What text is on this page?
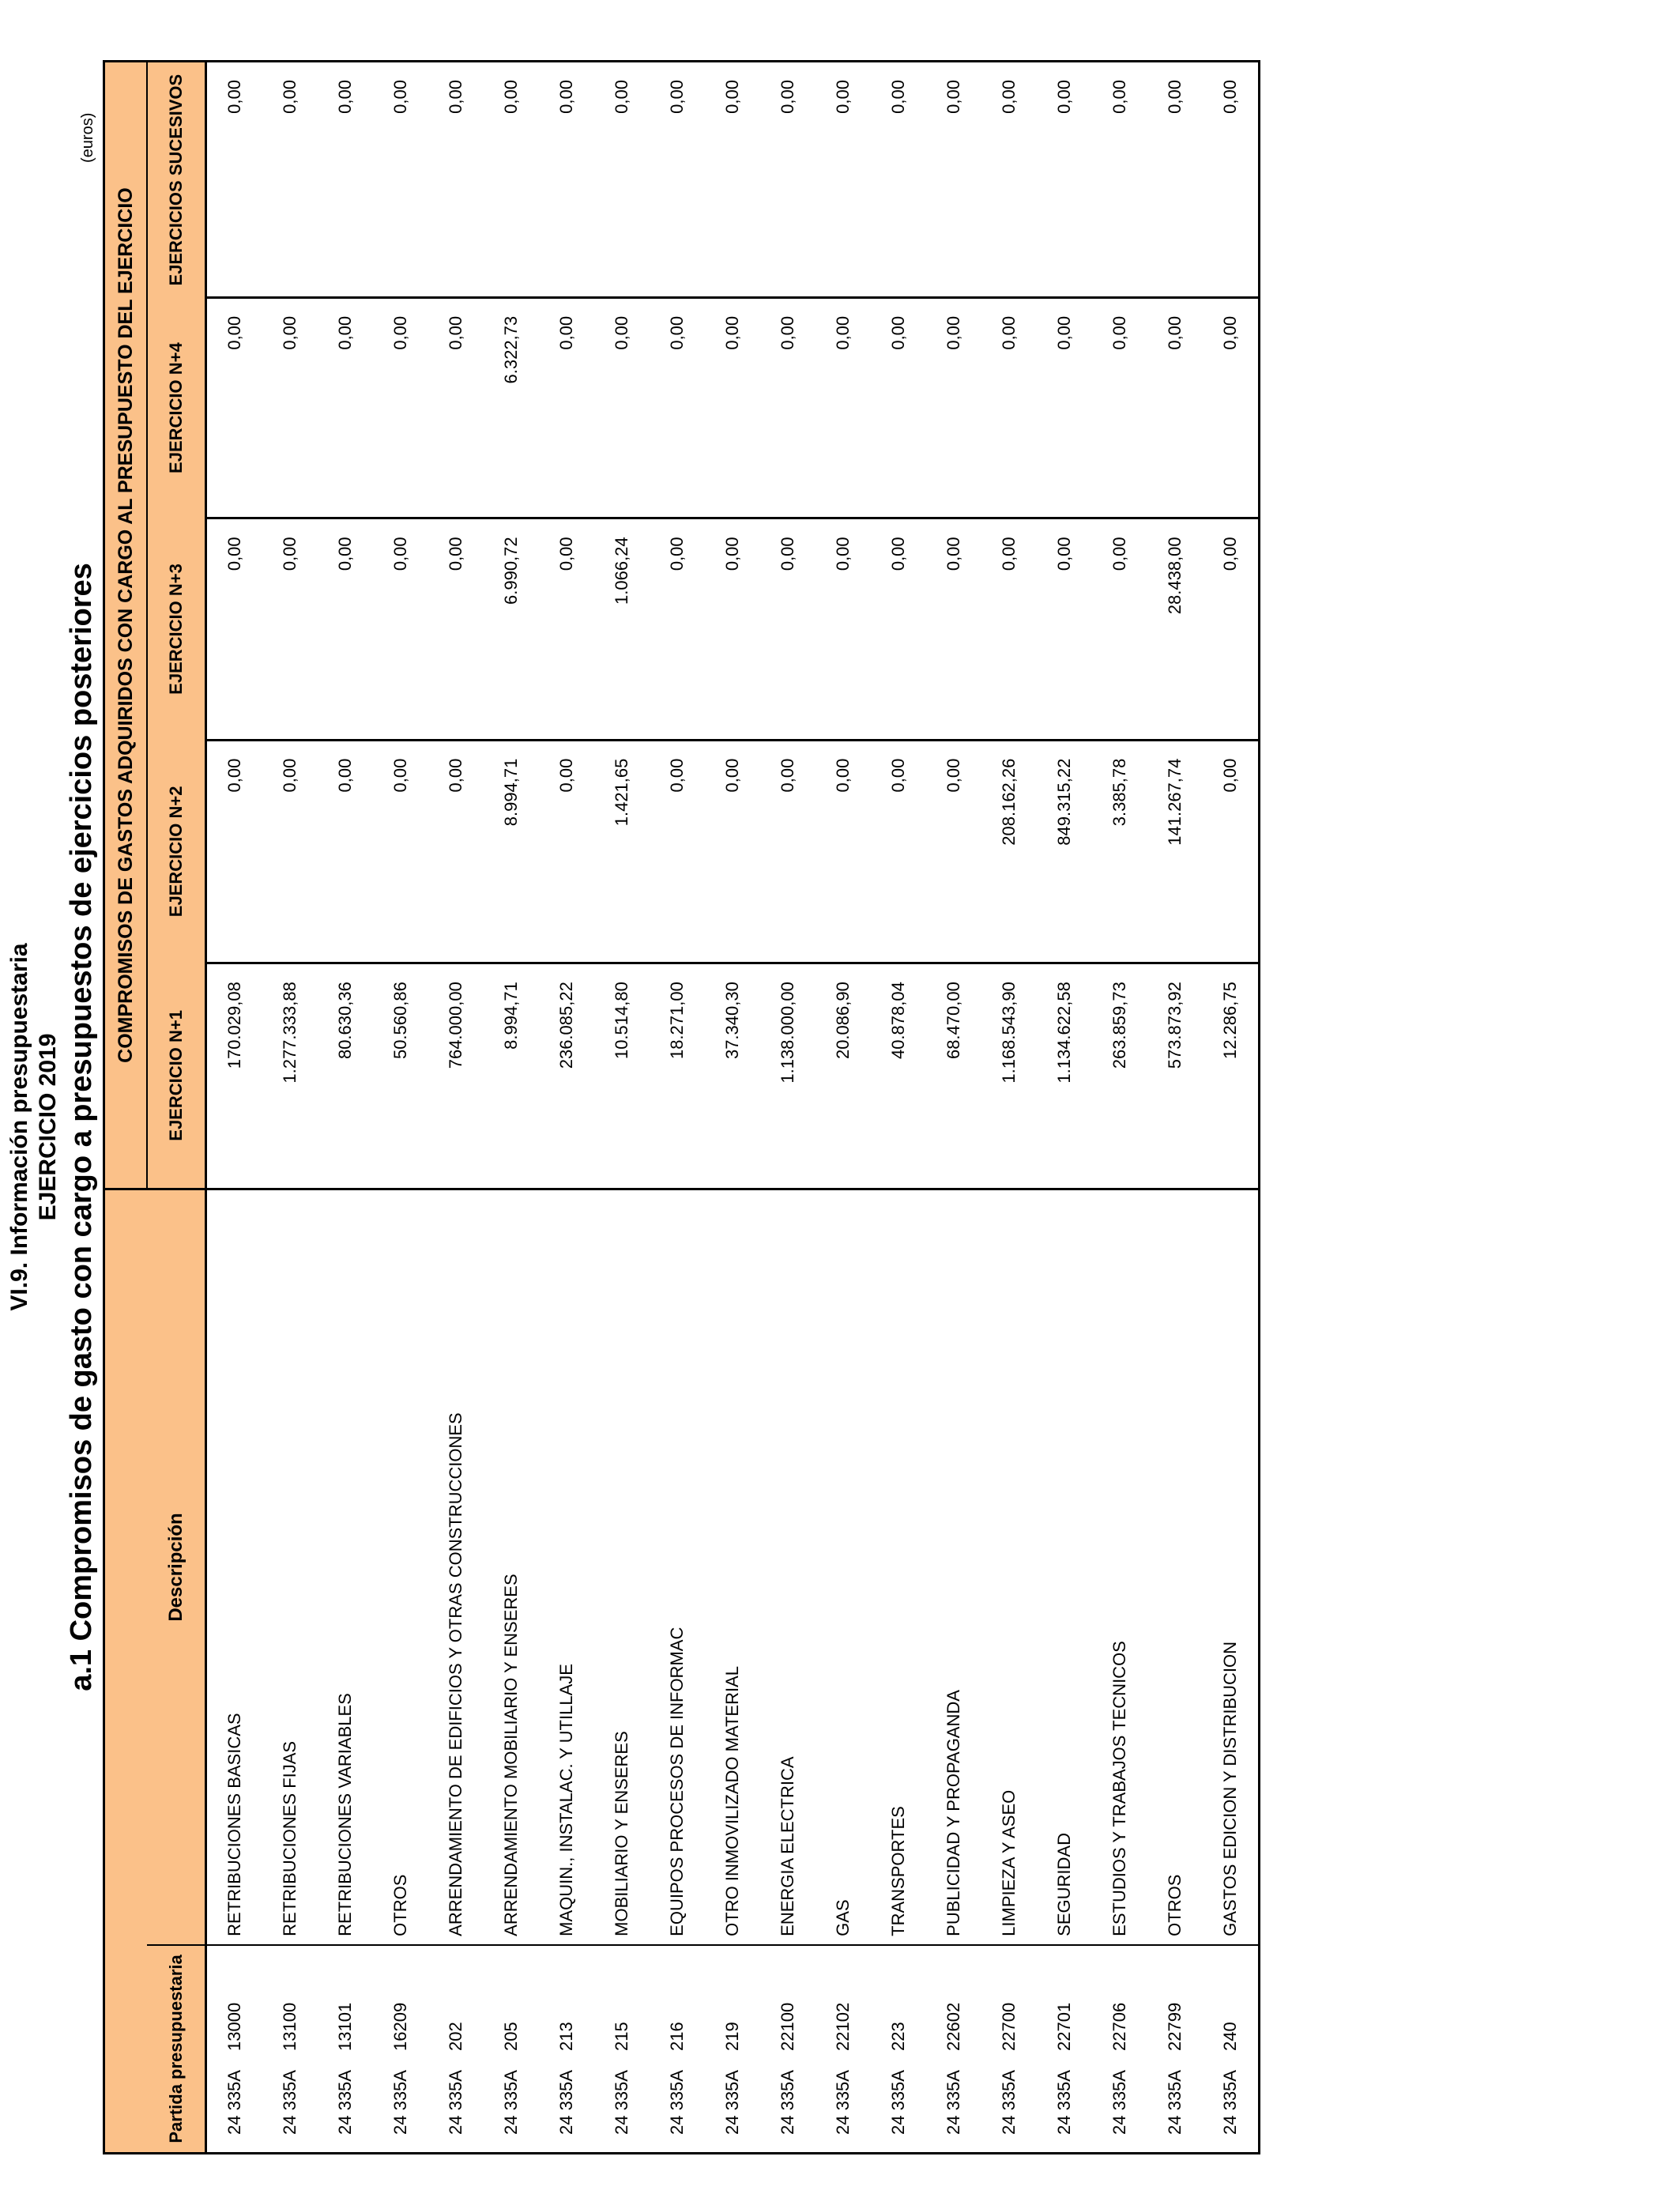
VI.9. Información presupuestaria EJERCICIO 2019 a.1 Compromisos de gasto con cargo a presupuestos de ejercicios posteriores
(euros)
		COMPROMISOS DE GASTOS ADQUIRIDOS CON CARGO AL PRESUPUESTO DEL EJERCICIO				
Partida presupuestaria	Descripción	EJERCICIO N+1	EJERCICIO N+2	EJERCICIO N+3	EJERCICIO N+4	EJERCICIOS SUCESIVOS
24 335A13000	RETRIBUCIONES BASICAS	170.029,08	0,00	0,00	0,00	0,00
24 335A13100	RETRIBUCIONES FIJAS	1.277.333,88	0,00	0,00	0,00	0,00
24 335A13101	RETRIBUCIONES VARIABLES	80.630,36	0,00	0,00	0,00	0,00
24 335A16209	OTROS	50.560,86	0,00	0,00	0,00	0,00
24 335A202	ARRENDAMIENTO DE EDIFICIOS Y OTRAS CONSTRUCCIONES	764.000,00	0,00	0,00	0,00	0,00
24 335A205	ARRENDAMIENTO MOBILIARIO Y ENSERES	8.994,71	8.994,71	6.990,72	6.322,73	0,00
24 335A213	MAQUIN., INSTALAC. Y UTILLAJE	236.085,22	0,00	0,00	0,00	0,00
24 335A215	MOBILIARIO Y ENSERES	10.514,80	1.421,65	1.066,24	0,00	0,00
24 335A216	EQUIPOS PROCESOS DE INFORMAC	18.271,00	0,00	0,00	0,00	0,00
24 335A219	OTRO INMOVILIZADO MATERIAL	37.340,30	0,00	0,00	0,00	0,00
24 335A22100	ENERGIA ELECTRICA	1.138.000,00	0,00	0,00	0,00	0,00
24 335A22102	GAS	20.086,90	0,00	0,00	0,00	0,00
24 335A223	TRANSPORTES	40.878,04	0,00	0,00	0,00	0,00
24 335A22602	PUBLICIDAD Y PROPAGANDA	68.470,00	0,00	0,00	0,00	0,00
24 335A22700	LIMPIEZA Y ASEO	1.168.543,90	208.162,26	0,00	0,00	0,00
24 335A22701	SEGURIDAD	1.134.622,58	849.315,22	0,00	0,00	0,00
24 335A22706	ESTUDIOS Y TRABAJOS TECNICOS	263.859,73	3.385,78	0,00	0,00	0,00
24 335A22799	OTROS	573.873,92	141.267,74	28.438,00	0,00	0,00
24 335A240	GASTOS EDICION Y DISTRIBUCION	12.286,75	0,00	0,00	0,00	0,00
